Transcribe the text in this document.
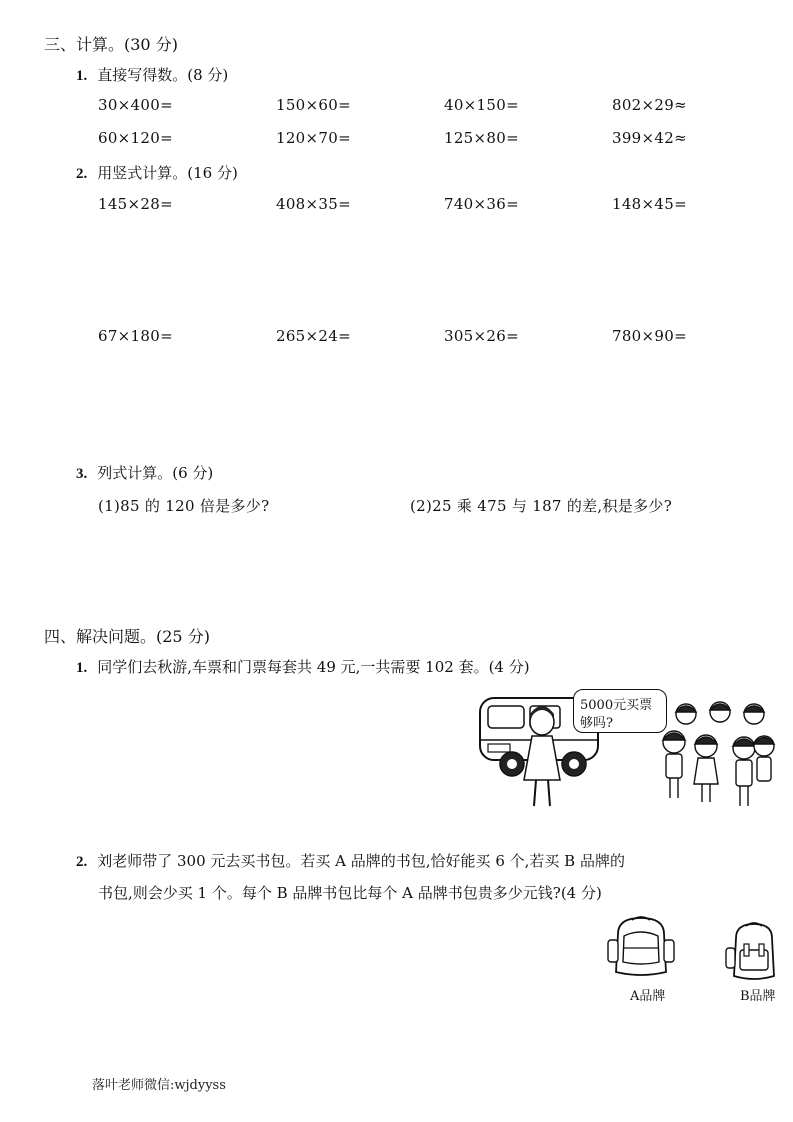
三、计算。(30 分)
1. 直接写得数。(8 分)
30×400=	150×60=	40×150=	802×29≈
60×120=	120×70=	125×80=	399×42≈
2. 用竖式计算。(16 分)
145×28=	408×35=	740×36=	148×45=
67×180=	265×24=	305×26=	780×90=
3. 列式计算。(6 分)
(1)85 的 120 倍是多少?	(2)25 乘 475 与 187 的差,积是多少?
四、解决问题。(25 分)
1. 同学们去秋游,车票和门票每套共 49 元,一共需要 102 套。(4 分)
5000元买票
够吗?
2. 刘老师带了 300 元去买书包。若买 A 品牌的书包,恰好能买 6 个,若买 B 品牌的
书包,则会少买 1 个。每个 B 品牌书包比每个 A 品牌书包贵多少元钱?(4 分)
A品牌	B品牌
落叶老师微信:wjdyyss
